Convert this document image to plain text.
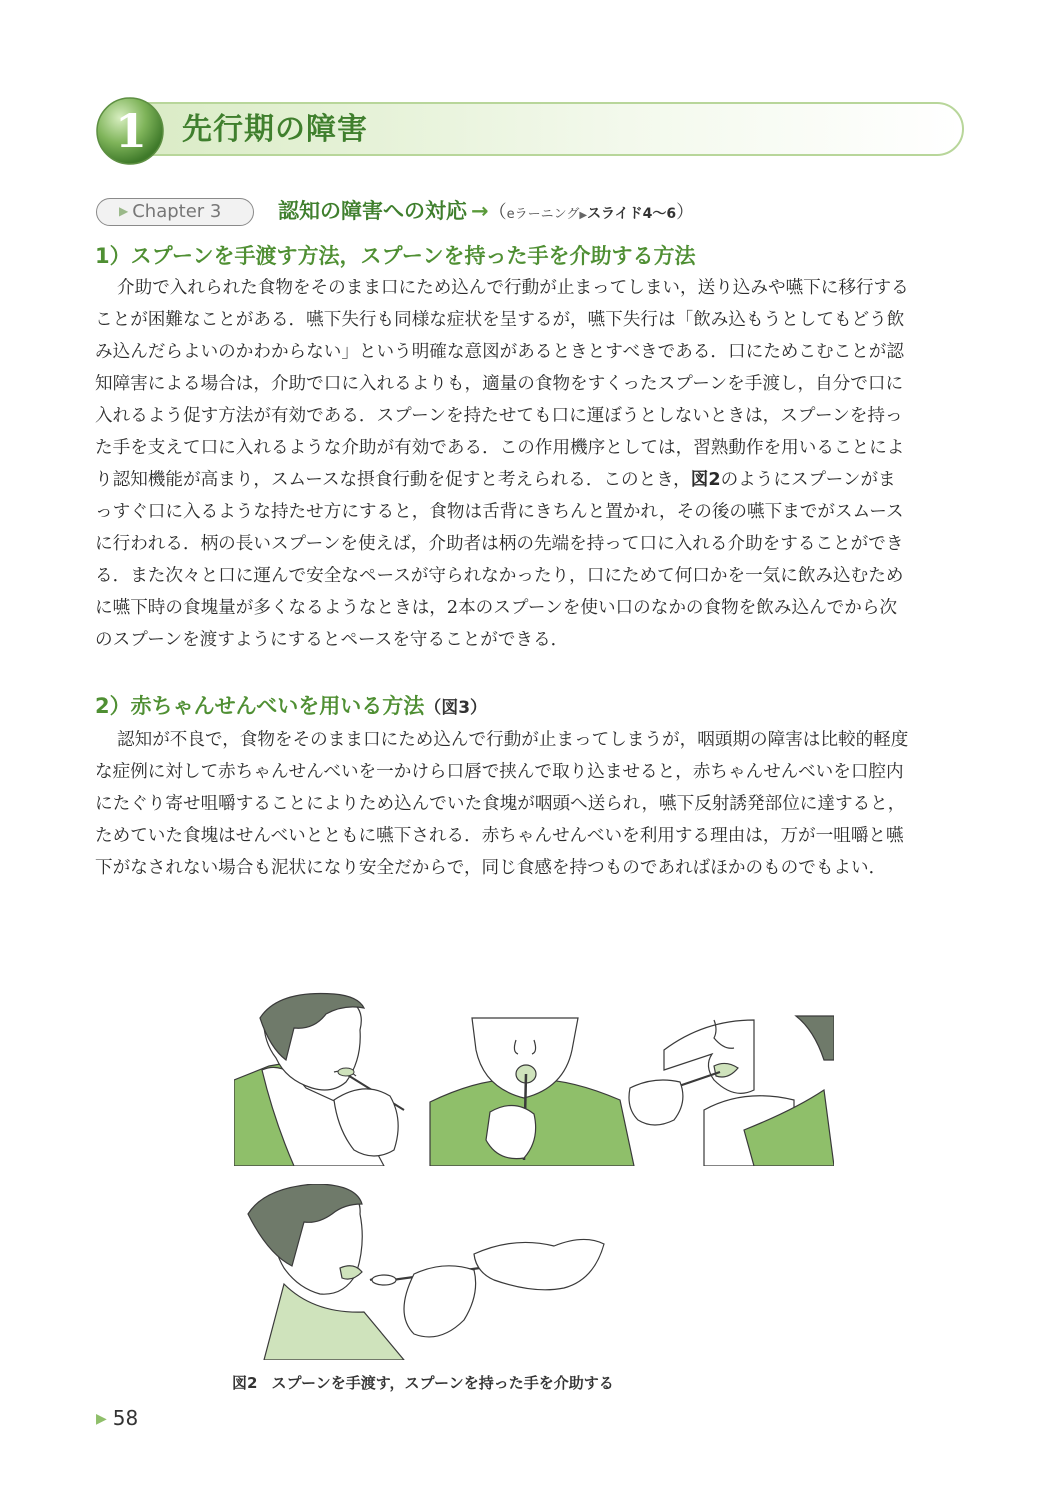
1 先行期の障害
▶ Chapter 3	認知の障害への対応 →（eラーニング▶スライド4～6）
1）スプーンを手渡す方法，スプーンを持った手を介助する方法
介助で入れられた食物をそのまま口にため込んで行動が止まってしまい，送り込みや嚥下に移行する
ことが困難なことがある．嚥下失行も同様な症状を呈するが，嚥下失行は「飲み込もうとしてもどう飲
み込んだらよいのかわからない」という明確な意図があるときとすべきである．口にためこむことが認
知障害による場合は，介助で口に入れるよりも，適量の食物をすくったスプーンを手渡し，自分で口に
入れるよう促す方法が有効である．スプーンを持たせても口に運ぼうとしないときは，スプーンを持っ
た手を支えて口に入れるような介助が有効である．この作用機序としては，習熟動作を用いることによ
り認知機能が高まり，スムースな摂食行動を促すと考えられる．このとき，図2のようにスプーンがま
っすぐ口に入るような持たせ方にすると，食物は舌背にきちんと置かれ，その後の嚥下までがスムース
に行われる．柄の長いスプーンを使えば，介助者は柄の先端を持って口に入れる介助をすることができ
る．また次々と口に運んで安全なペースが守られなかったり，口にためて何口かを一気に飲み込むため
に嚥下時の食塊量が多くなるようなときは，2本のスプーンを使い口のなかの食物を飲み込んでから次
のスプーンを渡すようにするとペースを守ることができる．
2）赤ちゃんせんべいを用いる方法（図3）
認知が不良で，食物をそのまま口にため込んで行動が止まってしまうが，咽頭期の障害は比較的軽度
な症例に対して赤ちゃんせんべいを一かけら口唇で挟んで取り込ませると，赤ちゃんせんべいを口腔内
にたぐり寄せ咀嚼することによりため込んでいた食塊が咽頭へ送られ，嚥下反射誘発部位に達すると，
ためていた食塊はせんべいとともに嚥下される．赤ちゃんせんべいを利用する理由は，万が一咀嚼と嚥
下がなされない場合も泥状になり安全だからで，同じ食感を持つものであればほかのものでもよい．
図2 スプーンを手渡す，スプーンを持った手を介助する
▶ 58
